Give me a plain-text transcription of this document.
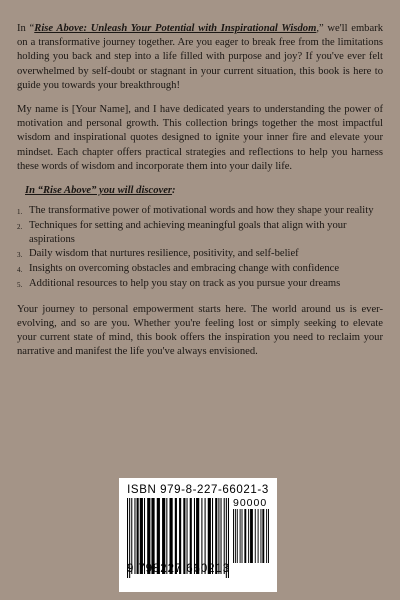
In “Rise Above: Unleash Your Potential with Inspirational Wisdom,” we'll embark on a transformative journey together. Are you eager to break free from the limitations holding you back and step into a life filled with purpose and joy? If you've ever felt overwhelmed by self-doubt or stagnant in your current situation, this book is here to guide you towards your breakthrough!

My name is [Your Name], and I have dedicated years to understanding the power of motivation and personal growth. This collection brings together the most impactful wisdom and inspirational quotes designed to ignite your inner fire and elevate your mindset. Each chapter offers practical strategies and reflections to help you harness these words of wisdom and incorporate them into your daily life.

In “Rise Above” you will discover:
1. The transformative power of motivational words and how they shape your reality
2. Techniques for setting and achieving meaningful goals that align with your aspirations
3. Daily wisdom that nurtures resilience, positivity, and self-belief
4. Insights on overcoming obstacles and embracing change with confidence
5. Additional resources to help you stay on track as you pursue your dreams

Your journey to personal empowerment starts here. The world around us is ever-evolving, and so are you. Whether you're feeling lost or simply seeking to elevate your current state of mind, this book offers the inspiration you need to reclaim your narrative and manifest the life you've always envisioned.

ISBN 979-8-227-66021-3
90000
9 798227 660213
